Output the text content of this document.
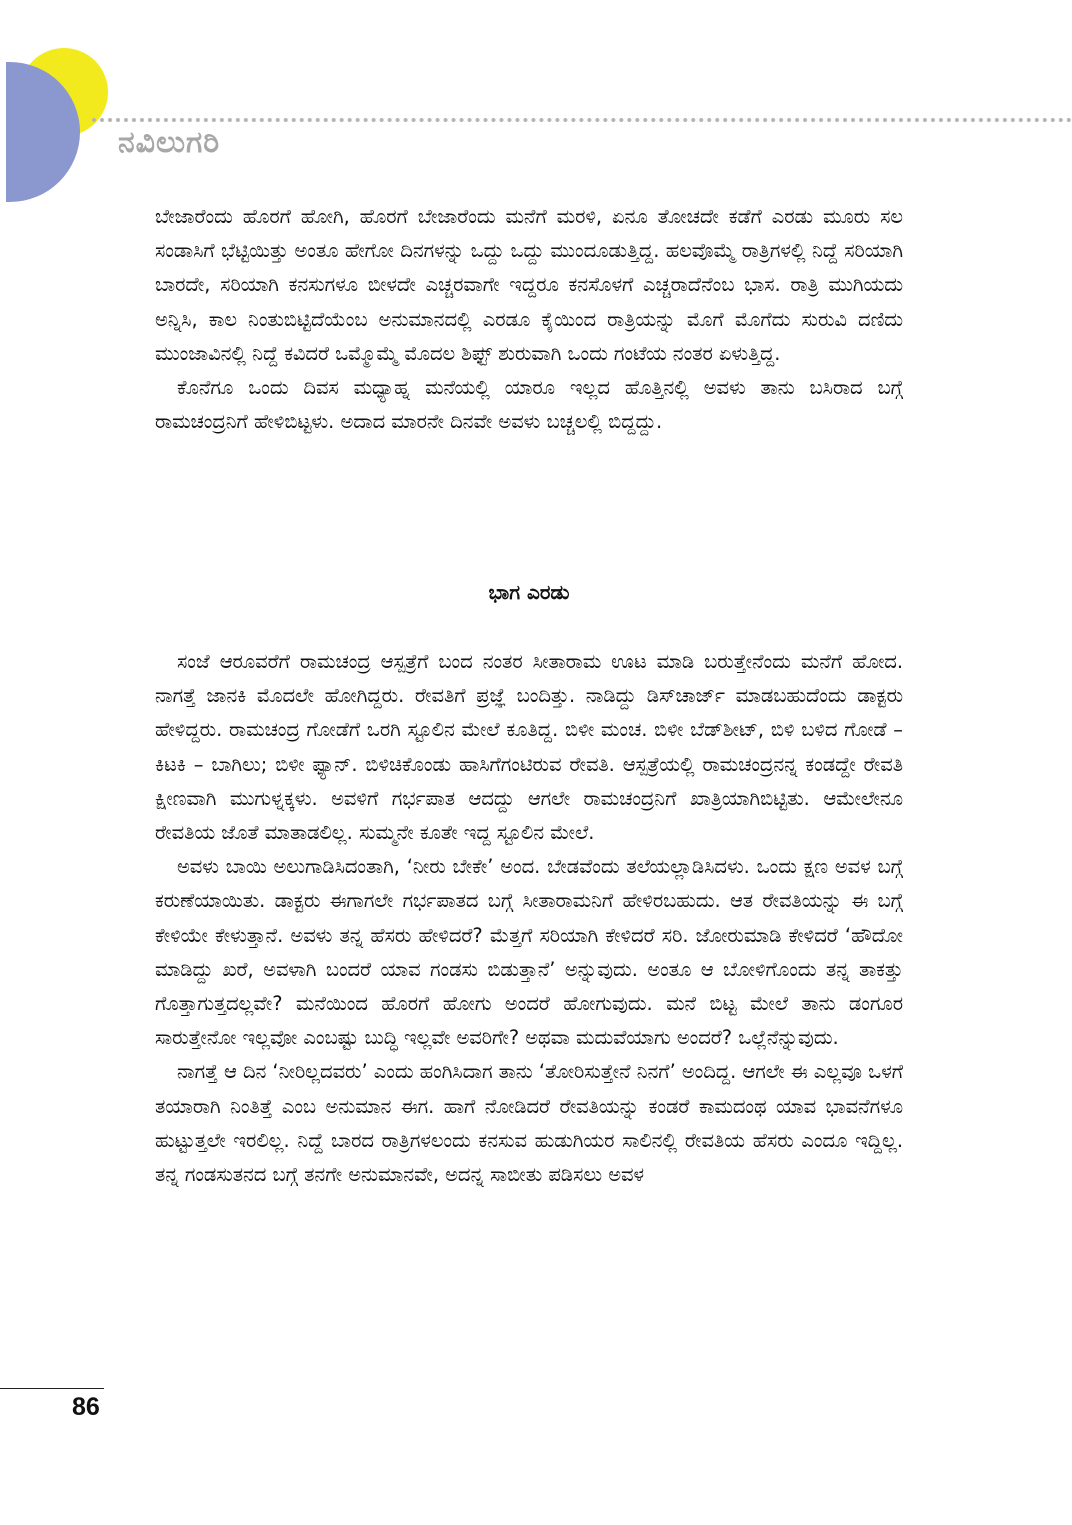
ನವಿಲುಗರಿ

ಬೇಜಾರೆಂದು ಹೊರಗೆ ಹೋಗಿ, ಹೊರಗೆ ಬೇಜಾರೆಂದು ಮನೆಗೆ ಮರಳಿ, ಏನೂ ತೋಚದೇ ಕಡೆಗೆ ಎರಡು ಮೂರು ಸಲ ಸಂಡಾಸಿಗೆ ಭೆಟ್ಟಿಯಿತ್ತು ಅಂತೂ ಹೇಗೋ ದಿನಗಳನ್ನು ಒದ್ದು ಒದ್ದು ಮುಂದೂಡುತ್ತಿದ್ದ. ಹಲವೊಮ್ಮೆ ರಾತ್ರಿಗಳಲ್ಲಿ ನಿದ್ದೆ ಸರಿಯಾಗಿ ಬಾರದೇ, ಸರಿಯಾಗಿ ಕನಸುಗಳೂ ಬೀಳದೇ ಎಚ್ಚರವಾಗೇ ಇದ್ದರೂ ಕನಸೊಳಗೆ ಎಚ್ಚರಾದೆನೆಂಬ ಭಾಸ. ರಾತ್ರಿ ಮುಗಿಯದು ಅನ್ನಿಸಿ, ಕಾಲ ನಿಂತುಬಿಟ್ಟಿದೆಯೆಂಬ ಅನುಮಾನದಲ್ಲಿ ಎರಡೂ ಕೈಯಿಂದ ರಾತ್ರಿಯನ್ನು ಮೊಗೆ ಮೊಗೆದು ಸುರುವಿ ದಣಿದು ಮುಂಜಾವಿನಲ್ಲಿ ನಿದ್ದೆ ಕವಿದರೆ ಒಮ್ಮೊಮ್ಮೆ ಮೊದಲ ಶಿಫ್ಟ್ ಶುರುವಾಗಿ ಒಂದು ಗಂಟೆಯ ನಂತರ ಏಳುತ್ತಿದ್ದ.

ಕೊನೆಗೂ ಒಂದು ದಿವಸ ಮಧ್ಯಾಹ್ನ ಮನೆಯಲ್ಲಿ ಯಾರೂ ಇಲ್ಲದ ಹೊತ್ತಿನಲ್ಲಿ ಅವಳು ತಾನು ಬಸಿರಾದ ಬಗ್ಗೆ ರಾಮಚಂದ್ರನಿಗೆ ಹೇಳಿಬಿಟ್ಟಳು. ಅದಾದ ಮಾರನೇ ದಿನವೇ ಅವಳು ಬಚ್ಚಲಲ್ಲಿ ಬಿದ್ದದ್ದು.

ಭಾಗ ಎರಡು

ಸಂಜೆ ಆರೂವರೆಗೆ ರಾಮಚಂದ್ರ ಆಸ್ಪತ್ರೆಗೆ ಬಂದ ನಂತರ ಸೀತಾರಾಮ ಊಟ ಮಾಡಿ ಬರುತ್ತೇನೆಂದು ಮನೆಗೆ ಹೋದ. ನಾಗತ್ತೆ ಜಾನಕಿ ಮೊದಲೇ ಹೋಗಿದ್ದರು. ರೇವತಿಗೆ ಪ್ರಜ್ಞೆ ಬಂದಿತ್ತು. ನಾಡಿದ್ದು ಡಿಸ್‌ಚಾರ್ಜ್ ಮಾಡಬಹುದೆಂದು ಡಾಕ್ಟರು ಹೇಳಿದ್ದರು. ರಾಮಚಂದ್ರ ಗೋಡೆಗೆ ಒರಗಿ ಸ್ಟೂಲಿನ ಮೇಲೆ ಕೂತಿದ್ದ. ಬಿಳೀ ಮಂಚ. ಬಿಳೀ ಬೆಡ್‌ಶೀಟ್, ಬಿಳಿ ಬಳಿದ ಗೋಡೆ – ಕಿಟಕಿ – ಬಾಗಿಲು; ಬಿಳೀ ಫ್ಯಾನ್. ಬಿಳಿಚಿಕೊಂಡು ಹಾಸಿಗೆಗಂಟಿರುವ ರೇವತಿ. ಆಸ್ಪತ್ರೆಯಲ್ಲಿ ರಾಮಚಂದ್ರನನ್ನ ಕಂಡದ್ದೇ ರೇವತಿ ಕ್ಷೀಣವಾಗಿ ಮುಗುಳ್ನಕ್ಕಳು. ಅವಳಿಗೆ ಗರ್ಭಪಾತ ಆದದ್ದು ಆಗಲೇ ರಾಮಚಂದ್ರನಿಗೆ ಖಾತ್ರಿಯಾಗಿಬಿಟ್ಟಿತು. ಆಮೇಲೇನೂ ರೇವತಿಯ ಜೊತೆ ಮಾತಾಡಲಿಲ್ಲ. ಸುಮ್ಮನೇ ಕೂತೇ ಇದ್ದ ಸ್ಟೂಲಿನ ಮೇಲೆ.

ಅವಳು ಬಾಯಿ ಅಲುಗಾಡಿಸಿದಂತಾಗಿ, ‘ನೀರು ಬೇಕೇ’ ಅಂದ. ಬೇಡವೆಂದು ತಲೆಯಲ್ಲಾಡಿಸಿದಳು. ಒಂದು ಕ್ಷಣ ಅವಳ ಬಗ್ಗೆ ಕರುಣೆಯಾಯಿತು. ಡಾಕ್ಟರು ಈಗಾಗಲೇ ಗರ್ಭಪಾತದ ಬಗ್ಗೆ ಸೀತಾರಾಮನಿಗೆ ಹೇಳಿರಬಹುದು. ಆತ ರೇವತಿಯನ್ನು ಈ ಬಗ್ಗೆ ಕೇಳಿಯೇ ಕೇಳುತ್ತಾನೆ. ಅವಳು ತನ್ನ ಹೆಸರು ಹೇಳಿದರೆ? ಮೆತ್ತಗೆ ಸರಿಯಾಗಿ ಕೇಳಿದರೆ ಸರಿ. ಜೋರುಮಾಡಿ ಕೇಳಿದರೆ ‘ಹೌದೋ ಮಾಡಿದ್ದು ಖರೆ, ಅವಳಾಗಿ ಬಂದರೆ ಯಾವ ಗಂಡಸು ಬಿಡುತ್ತಾನೆ’ ಅನ್ನುವುದು. ಅಂತೂ ಆ ಬೋಳಿಗೊಂದು ತನ್ನ ತಾಕತ್ತು ಗೊತ್ತಾಗುತ್ತದಲ್ಲವೇ? ಮನೆಯಿಂದ ಹೊರಗೆ ಹೋಗು ಅಂದರೆ ಹೋಗುವುದು. ಮನೆ ಬಿಟ್ಟ ಮೇಲೆ ತಾನು ಡಂಗೂರ ಸಾರುತ್ತೇನೋ ಇಲ್ಲವೋ ಎಂಬಷ್ಟು ಬುದ್ಧಿ ಇಲ್ಲವೇ ಅವರಿಗೇ? ಅಥವಾ ಮದುವೆಯಾಗು ಅಂದರೆ? ಒಲ್ಲೆನೆನ್ನುವುದು.

ನಾಗತ್ತೆ ಆ ದಿನ ‘ನೀರಿಲ್ಲದವರು’ ಎಂದು ಹಂಗಿಸಿದಾಗ ತಾನು ‘ತೋರಿಸುತ್ತೇನೆ ನಿನಗೆ’ ಅಂದಿದ್ದ. ಆಗಲೇ ಈ ಎಲ್ಲವೂ ಒಳಗೆ ತಯಾರಾಗಿ ನಿಂತಿತ್ತೆ ಎಂಬ ಅನುಮಾನ ಈಗ. ಹಾಗೆ ನೋಡಿದರೆ ರೇವತಿಯನ್ನು ಕಂಡರೆ ಕಾಮದಂಥ ಯಾವ ಭಾವನೆಗಳೂ ಹುಟ್ಟುತ್ತಲೇ ಇರಲಿಲ್ಲ. ನಿದ್ದೆ ಬಾರದ ರಾತ್ರಿಗಳಲಂದು ಕನಸುವ ಹುಡುಗಿಯರ ಸಾಲಿನಲ್ಲಿ ರೇವತಿಯ ಹೆಸರು ಎಂದೂ ಇದ್ದಿಲ್ಲ. ತನ್ನ ಗಂಡಸುತನದ ಬಗ್ಗೆ ತನಗೇ ಅನುಮಾನವೇ, ಅದನ್ನ ಸಾಬೀತು ಪಡಿಸಲು ಅವಳ

86
